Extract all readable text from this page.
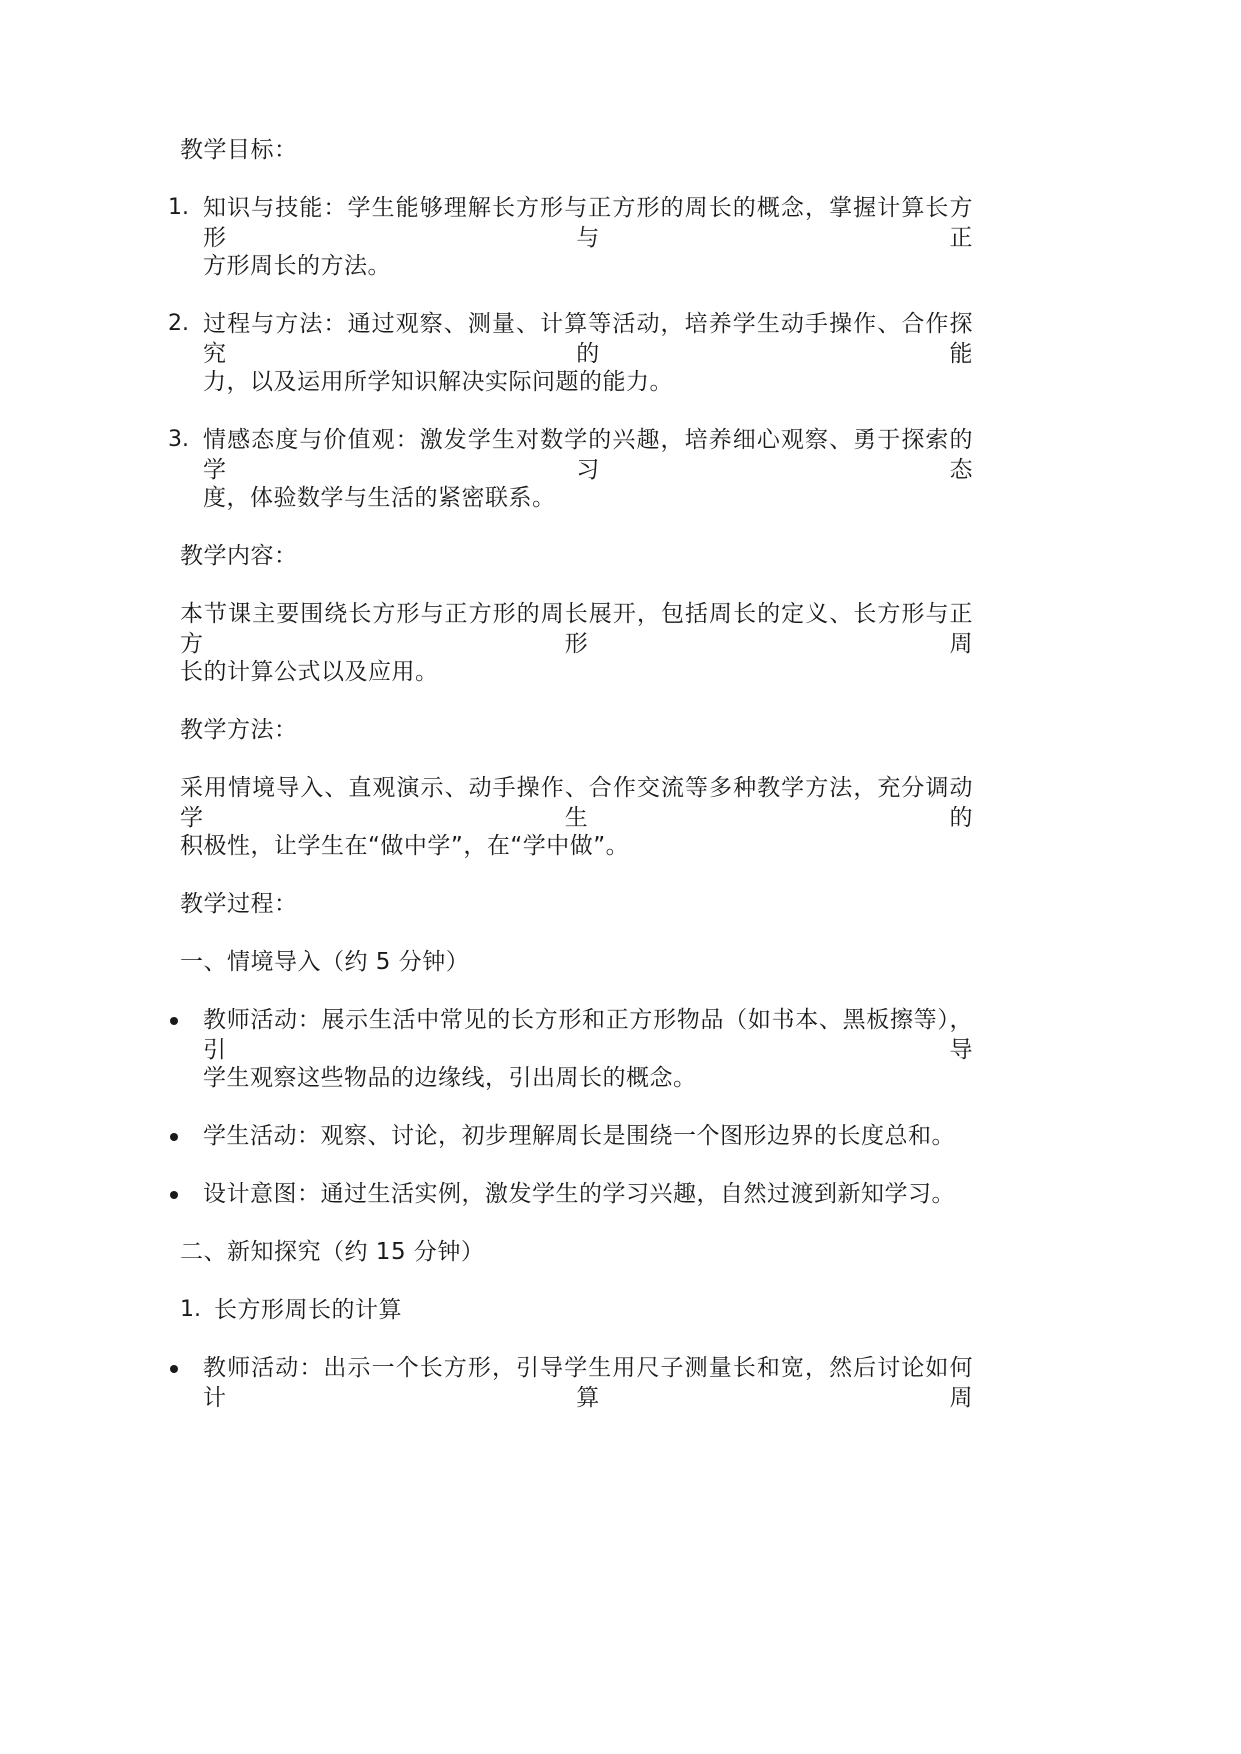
教学目标：
1. 知识与技能：学生能够理解长方形与正方形的周长的概念，掌握计算长方形与正
方形周长的方法。
2. 过程与方法：通过观察、测量、计算等活动，培养学生动手操作、合作探究的能
力，以及运用所学知识解决实际问题的能力。
3. 情感态度与价值观：激发学生对数学的兴趣，培养细心观察、勇于探索的学习态
度，体验数学与生活的紧密联系。
教学内容：
本节课主要围绕长方形与正方形的周长展开，包括周长的定义、长方形与正方形周
长的计算公式以及应用。
教学方法：
采用情境导入、直观演示、动手操作、合作交流等多种教学方法，充分调动学生的
积极性，让学生在“做中学”，在“学中做”。
教学过程：
一、情境导入（约 5 分钟）
教师活动：展示生活中常见的长方形和正方形物品（如书本、黑板擦等），引导
学生观察这些物品的边缘线，引出周长的概念。
学生活动：观察、讨论，初步理解周长是围绕一个图形边界的长度总和。
设计意图：通过生活实例，激发学生的学习兴趣，自然过渡到新知学习。
二、新知探究（约 15 分钟）
1. 长方形周长的计算
教师活动：出示一个长方形，引导学生用尺子测量长和宽，然后讨论如何计算周
